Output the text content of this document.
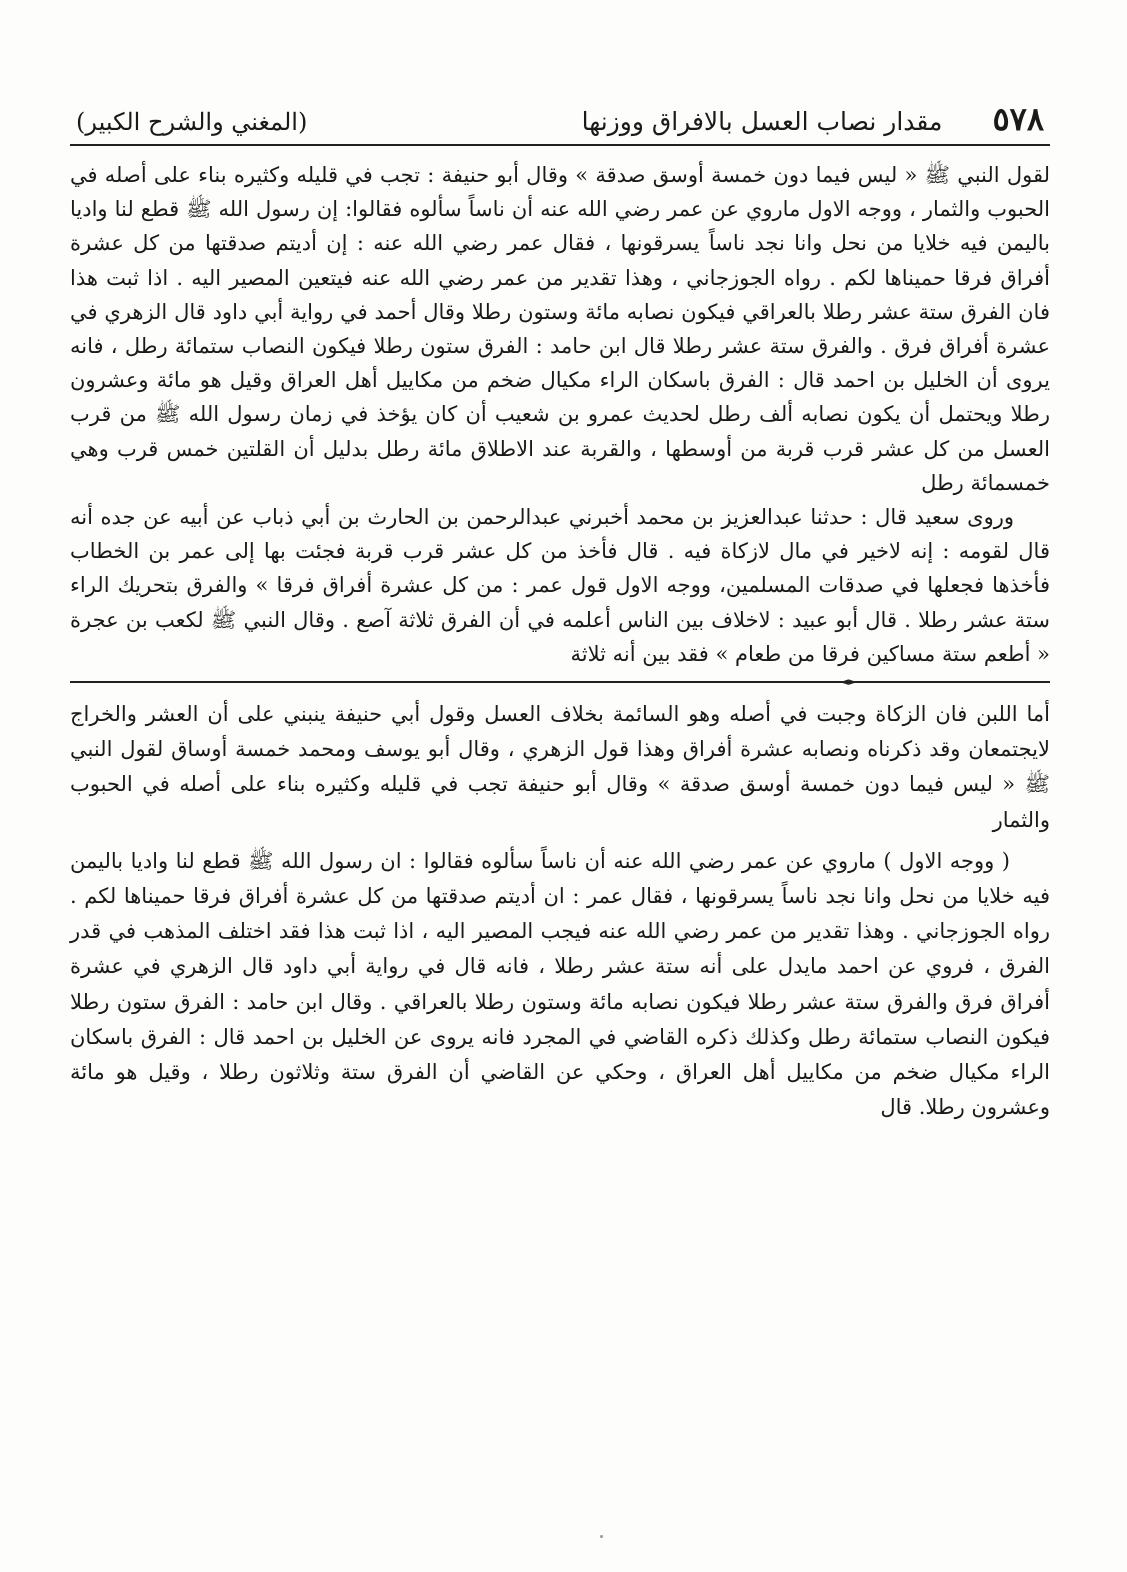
٥٧٨
مقدار نصاب العسل بالافراق ووزنها
(المغني والشرح الكبير)

لقول النبي ﷺ « ليس فيما دون خمسة أوسق صدقة » وقال أبو حنيفة : تجب في قليله وكثيره بناء على أصله في الحبوب والثمار ، ووجه الاول ماروي عن عمر رضي الله عنه أن ناساً سألوه فقالوا: إن رسول الله ﷺ قطع لنا واديا باليمن فيه خلايا من نحل وانا نجد ناساً يسرقونها ، فقال عمر رضي الله عنه : إن أديتم صدقتها من كل عشرة أفراق فرقا حميناها لكم . رواه الجوزجاني ، وهذا تقدير من عمر رضي الله عنه فيتعين المصير اليه . اذا ثبت هذا فان الفرق ستة عشر رطلا بالعراقي فيكون نصابه مائة وستون رطلا وقال أحمد في رواية أبي داود قال الزهري في عشرة أفراق فرق . والفرق ستة عشر رطلا قال ابن حامد : الفرق ستون رطلا فيكون النصاب ستمائة رطل ، فانه يروى أن الخليل بن احمد قال : الفرق باسكان الراء مكيال ضخم من مكاييل أهل العراق وقيل هو مائة وعشرون رطلا ويحتمل أن يكون نصابه ألف رطل لحديث عمرو بن شعيب أن كان يؤخذ في زمان رسول الله ﷺ من قرب العسل من كل عشر قرب قربة من أوسطها ، والقربة عند الاطلاق مائة رطل بدليل أن القلتين خمس قرب وهي خمسمائة رطل

وروى سعيد قال : حدثنا عبدالعزيز بن محمد أخبرني عبدالرحمن بن الحارث بن أبي ذباب عن أبيه عن جده أنه قال لقومه : إنه لاخير في مال لازكاة فيه . قال فأخذ من كل عشر قرب قربة فجئت بها إلى عمر بن الخطاب فأخذها فجعلها في صدقات المسلمين، ووجه الاول قول عمر : من كل عشرة أفراق فرقا » والفرق بتحريك الراء ستة عشر رطلا . قال أبو عبيد : لاخلاف بين الناس أعلمه في أن الفرق ثلاثة آصع . وقال النبي ﷺ لكعب بن عجرة « أطعم ستة مساكين فرقا من طعام » فقد بين أنه ثلاثة

◄►

أما اللبن فان الزكاة وجبت في أصله وهو السائمة بخلاف العسل وقول أبي حنيفة ينبني على أن العشر والخراج لايجتمعان وقد ذكرناه ونصابه عشرة أفراق وهذا قول الزهري ، وقال أبو يوسف ومحمد خمسة أوساق لقول النبي ﷺ « ليس فيما دون خمسة أوسق صدقة » وقال أبو حنيفة تجب في قليله وكثيره بناء على أصله في الحبوب والثمار

( ووجه الاول ) ماروي عن عمر رضي الله عنه أن ناساً سألوه فقالوا : ان رسول الله ﷺ قطع لنا واديا باليمن فيه خلايا من نحل وانا نجد ناساً يسرقونها ، فقال عمر : ان أديتم صدقتها من كل عشرة أفراق فرقا حميناها لكم . رواه الجوزجاني . وهذا تقدير من عمر رضي الله عنه فيجب المصير اليه ، اذا ثبت هذا فقد اختلف المذهب في قدر الفرق ، فروي عن احمد مايدل على أنه ستة عشر رطلا ، فانه قال في رواية أبي داود قال الزهري في عشرة أفراق فرق والفرق ستة عشر رطلا فيكون نصابه مائة وستون رطلا بالعراقي . وقال ابن حامد : الفرق ستون رطلا فيكون النصاب ستمائة رطل وكذلك ذكره القاضي في المجرد فانه يروى عن الخليل بن احمد قال : الفرق باسكان الراء مكيال ضخم من مكاييل أهل العراق ، وحكي عن القاضي أن الفرق ستة وثلاثون رطلا ، وقيل هو مائة وعشرون رطلا. قال
